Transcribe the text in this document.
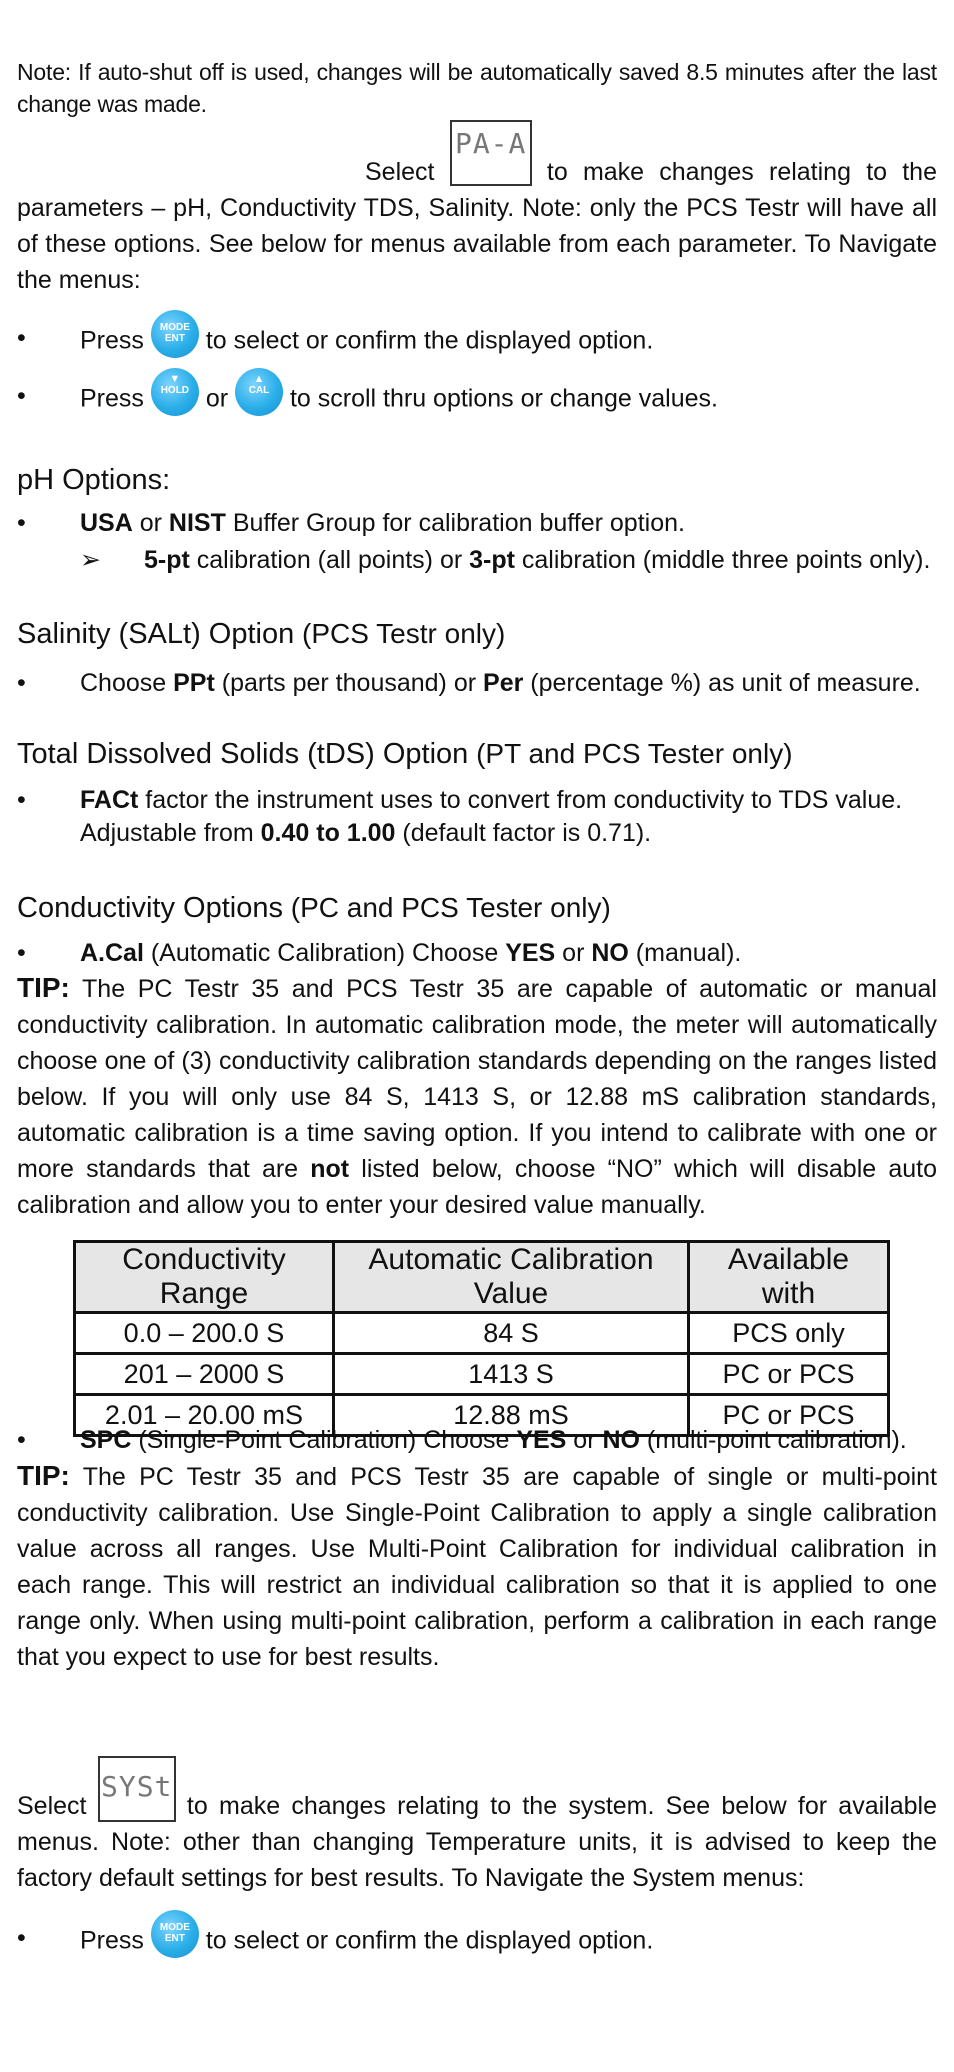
Note: If auto-shut off is used, changes will be automatically saved 8.5 minutes after the last change was made.
Select PA-A to make changes relating to the parameters – pH, Conductivity TDS, Salinity. Note: only the PCS Testr will have all of these options. See below for menus available from each parameter. To Navigate the menus:
• Press	MODE
ENT to select or confirm the displayed option.
• Press
▼
HOLD or
▲
CAL to scroll thru options or change values.
pH Options:
• USA or NIST Buffer Group for calibration buffer option.
➢ 5-pt calibration (all points) or 3-pt calibration (middle three points only).
Salinity (SALt) Option (PCS Testr only)
• Choose PPt (parts per thousand) or Per (percentage %) as unit of measure.
Total Dissolved Solids (tDS) Option (PT and PCS Tester only)
• FACt factor the instrument uses to convert from conductivity to TDS value.
Adjustable from 0.40 to 1.00 (default factor is 0.71).
Conductivity Options (PC and PCS Tester only)
• A.Cal (Automatic Calibration) Choose YES or NO (manual).
TIP: The PC Testr 35 and PCS Testr 35 are capable of automatic or manual conductivity calibration. In automatic calibration mode, the meter will automatically choose one of (3) conductivity calibration standards depending on the ranges listed below. If you will only use 84 S, 1413 S, or 12.88 mS calibration standards, automatic calibration is a time saving option. If you intend to calibrate with one or more standards that are not listed below, choose “NO” which will disable auto calibration and allow you to enter your desired value manually.
Conductivity Range	Automatic Calibration Value	Available with
0.0 – 200.0 S	84 S	PCS only
201 – 2000 S	1413 S	PC or PCS
2.01 – 20.00 mS	12.88 mS	PC or PCS
• SPC (Single-Point Calibration) Choose YES or NO (multi-point calibration).
TIP: The PC Testr 35 and PCS Testr 35 are capable of single or multi-point conductivity calibration. Use Single-Point Calibration to apply a single calibration value across all ranges. Use Multi-Point Calibration for individual calibration in each range. This will restrict an individual calibration so that it is applied to one range only. When using multi-point calibration, perform a calibration in each range that you expect to use for best results.
Select SYSt to make changes relating to the system. See below for available menus. Note: other than changing Temperature units, it is advised to keep the factory default settings for best results. To Navigate the System menus:
• Press	MODE
ENT to select or confirm the displayed option.
